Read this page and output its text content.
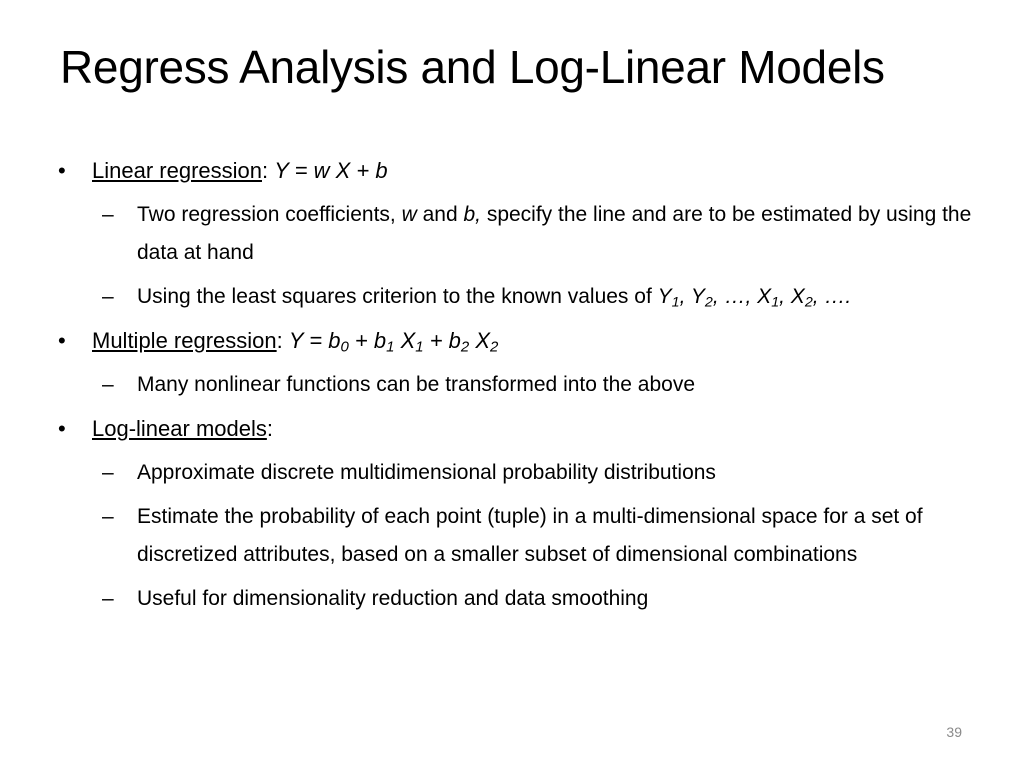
Regress Analysis and Log-Linear Models
• Linear regression: Y = w X + b
– Two regression coefficients, w and b, specify the line and are to be estimated by using the data at hand
– Using the least squares criterion to the known values of $Y_1$, $Y_2$, …, $X_1$, $X_2$, ….
• Multiple regression: $Y = b_0 + b_1$ $X_1 + b_2$ $X_2$
– Many nonlinear functions can be transformed into the above
• Log-linear models:
– Approximate discrete multidimensional probability distributions
– Estimate the probability of each point (tuple) in a multi-dimensional space for a set of discretized attributes, based on a smaller subset of dimensional combinations
– Useful for dimensionality reduction and data smoothing
39
